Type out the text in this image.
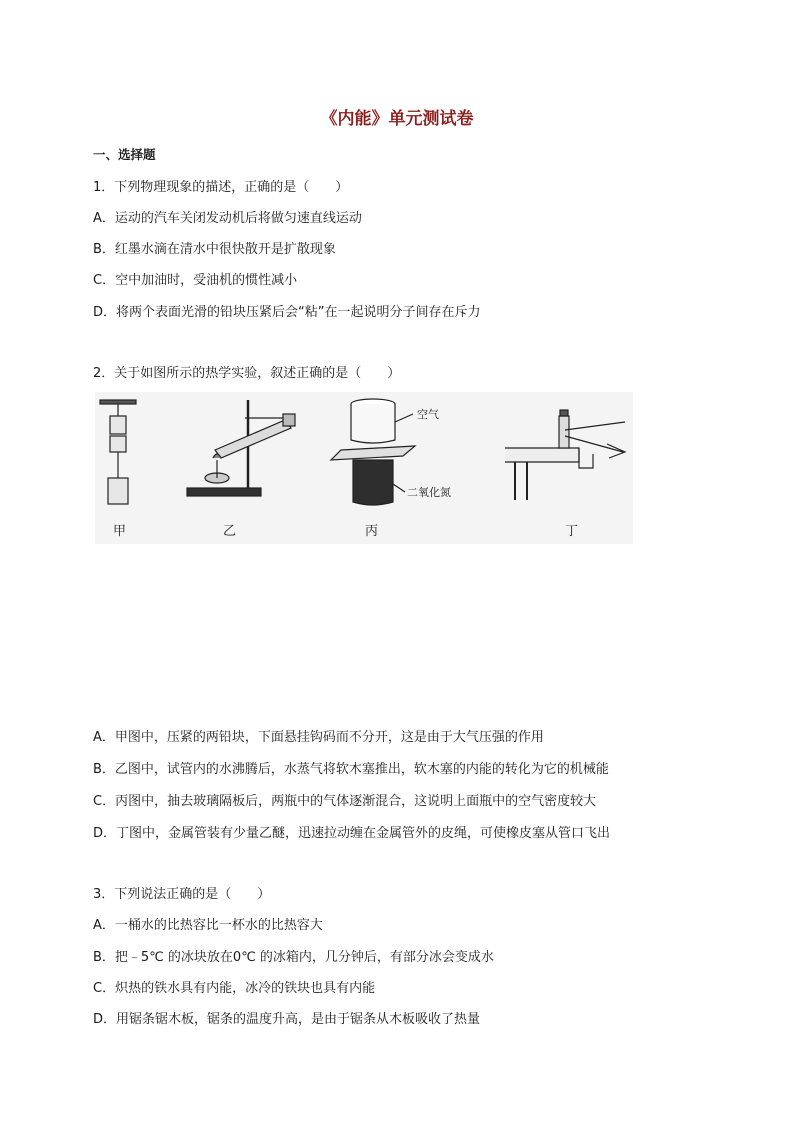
《内能》单元测试卷
一、选择题
1．下列物理现象的描述，正确的是（　　）
A．运动的汽车关闭发动机后将做匀速直线运动
B．红墨水滴在清水中很快散开是扩散现象
C．空中加油时，受油机的惯性减小
D．将两个表面光滑的铅块压紧后会“粘”在一起说明分子间存在斥力
2．关于如图所示的热学实验，叙述正确的是（　　）
空气
二氧化氮
甲	乙	丙	丁
A．甲图中，压紧的两铅块，下面悬挂钩码而不分开，这是由于大气压强的作用
B．乙图中，试管内的水沸腾后，水蒸气将软木塞推出，软木塞的内能的转化为它的机械能
C．丙图中，抽去玻璃隔板后，两瓶中的气体逐渐混合，这说明上面瓶中的空气密度较大
D．丁图中，金属管装有少量乙醚，迅速拉动缠在金属管外的皮绳，可使橡皮塞从管口飞出
3．下列说法正确的是（　　）
A．一桶水的比热容比一杯水的比热容大
B．把﹣5℃ 的冰块放在0℃ 的冰箱内，几分钟后，有部分冰会变成水
C．炽热的铁水具有内能，冰冷的铁块也具有内能
D．用锯条锯木板，锯条的温度升高，是由于锯条从木板吸收了热量
